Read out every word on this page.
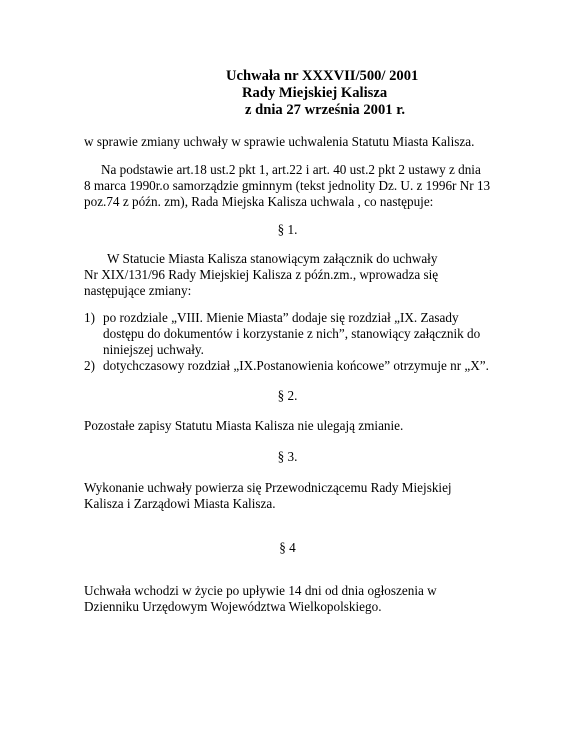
Uchwała nr XXXVII/500/ 2001
Rady Miejskiej Kalisza
z dnia 27 września 2001 r.
w sprawie zmiany uchwały w sprawie uchwalenia Statutu Miasta Kalisza.
Na podstawie art.18 ust.2 pkt 1, art.22 i art. 40 ust.2 pkt 2 ustawy z dnia
8 marca 1990r.o samorządzie gminnym (tekst jednolity Dz. U. z 1996r Nr 13
poz.74 z późn. zm), Rada Miejska Kalisza uchwala , co następuje:
§ 1.
W Statucie Miasta Kalisza stanowiącym załącznik do uchwały
Nr XIX/131/96 Rady Miejskiej Kalisza z późn.zm., wprowadza się
następujące zmiany:
1) po rozdziale „VIII. Mienie Miasta” dodaje się rozdział „IX. Zasady
dostępu do dokumentów i korzystanie z nich”, stanowiący załącznik do
niniejszej uchwały.
2) dotychczasowy rozdział „IX.Postanowienia końcowe” otrzymuje nr „X”.
§ 2.
Pozostałe zapisy Statutu Miasta Kalisza nie ulegają zmianie.
§ 3.
Wykonanie uchwały powierza się Przewodniczącemu Rady Miejskiej
Kalisza i Zarządowi Miasta Kalisza.
§ 4
Uchwała wchodzi w życie po upływie 14 dni od dnia ogłoszenia w
Dzienniku Urzędowym Województwa Wielkopolskiego.
